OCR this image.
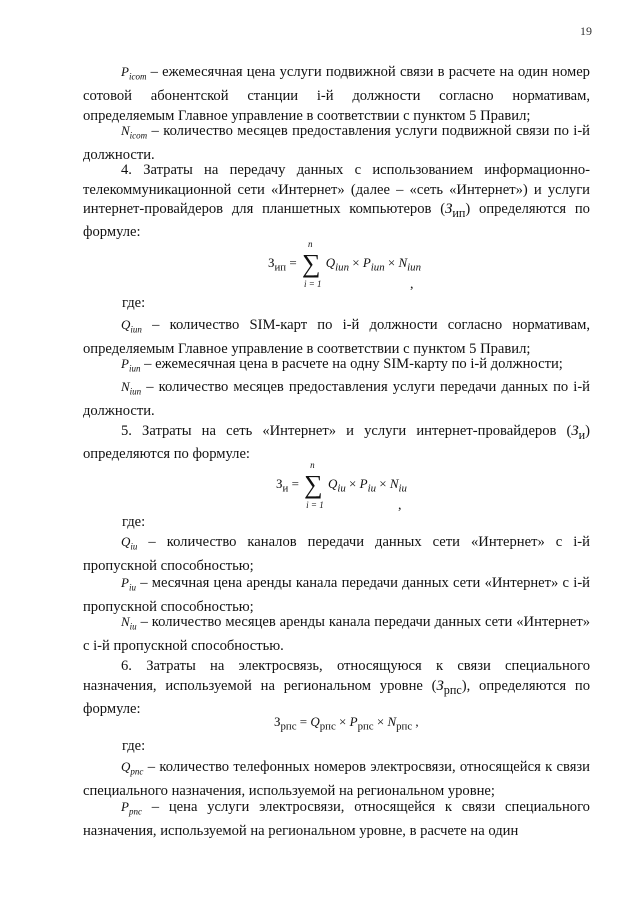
19

$P_{icom}$ – ежемесячная цена услуги подвижной связи в расчете на один номер сотовой абонентской станции i-й должности согласно нормативам, определяемым Главное управление в соответствии с пунктом 5 Правил;

$N_{icom}$ – количество месяцев предоставления услуги подвижной связи по i-й должности.

4. Затраты на передачу данных с использованием информационно-телекоммуникационной сети «Интернет» (далее – «сеть «Интернет») и услуги интернет-провайдеров для планшетных компьютеров $(З_{ип})$ определяются по формуле:

$З_{ип}$ =
n
∑
i = 1
$Q_{iип} \times P_{iип} \times N_{iип}$
,
где:

$Q_{iип}$ – количество SIM-карт по i-й должности согласно нормативам, определяемым Главное управление в соответствии с пунктом 5 Правил;

$P_{iип}$ – ежемесячная цена в расчете на одну SIM-карту по i-й должности;

$N_{iип}$ – количество месяцев предоставления услуги передачи данных по i-й должности.

5. Затраты на сеть «Интернет» и услуги интернет-провайдеров $(З_и)$ определяются по формуле:

$З_и$ =
n
∑
i = 1
$Q_{iи} \times P_{iи} \times N_{iи}$
,
где:

$Q_{iи}$ – количество каналов передачи данных сети «Интернет» с i-й пропускной способностью;

$P_{iи}$ – месячная цена аренды канала передачи данных сети «Интернет» с i-й пропускной способностью;

$N_{iи}$ – количество месяцев аренды канала передачи данных сети «Интернет» с i-й пропускной способностью.

6. Затраты на электросвязь, относящуюся к связи специального назначения, используемой на региональном уровне $(З_{рпс})$, определяются по формуле:

$З_{рпс} = Q_{рпс} \times P_{рпс} \times N_{рпс}$ ,
где:

$Q_{рпс}$ – количество телефонных номеров электросвязи, относящейся к связи специального назначения, используемой на региональном уровне;

$P_{рпс}$ – цена услуги электросвязи, относящейся к связи специального назначения, используемой на региональном уровне, в расчете на один
